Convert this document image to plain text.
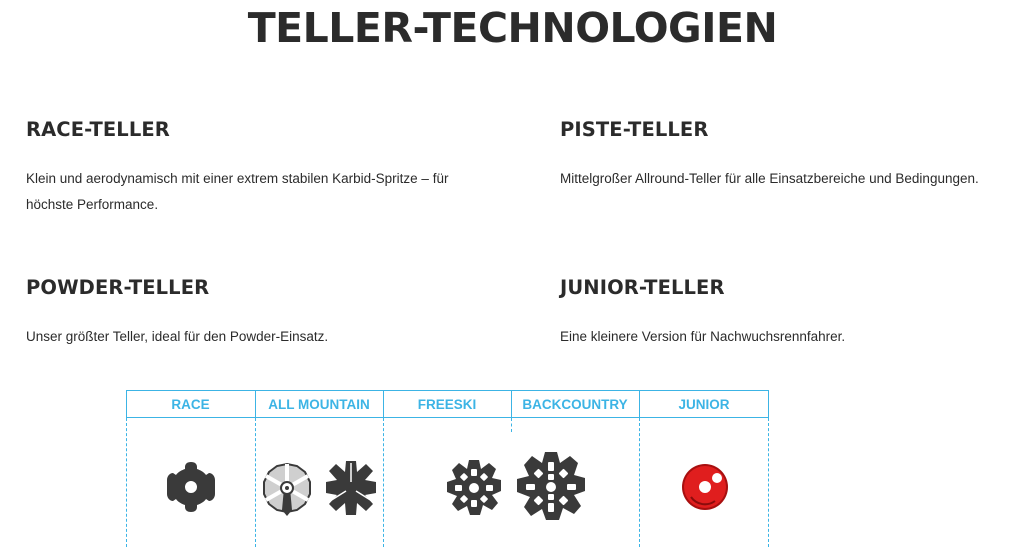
TELLER-TECHNOLOGIEN
RACE-TELLER

Klein und aerodynamisch mit einer extrem stabilen Karbid-Spritze – für höchste Performance.

PISTE-TELLER

Mittelgroßer Allround-Teller für alle Einsatzbereiche und Bedingungen.

POWDER-TELLER

Unser größter Teller, ideal für den Powder-Einsatz.

JUNIOR-TELLER

Eine kleinere Version für Nachwuchsrennfahrer.

RACE	ALL MOUNTAIN	FREESKI	BACKCOUNTRY	JUNIOR
